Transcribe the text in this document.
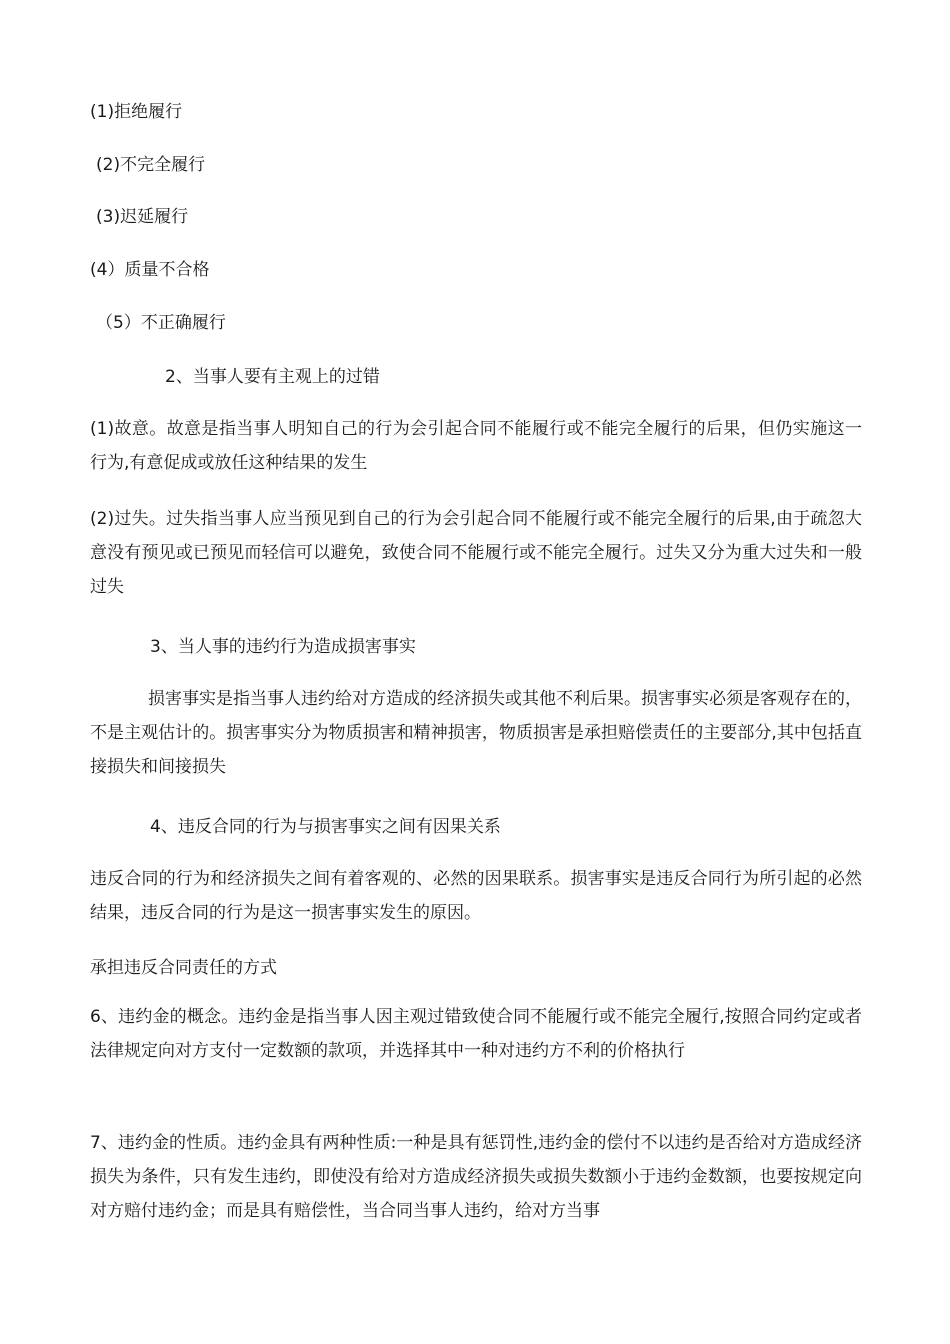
(1)拒绝履行

(2)不完全履行

(3)迟延履行

(4）质量不合格

（5）不正确履行

2、当事人要有主观上的过错

(1)故意。故意是指当事人明知自己的行为会引起合同不能履行或不能完全履行的后果，但仍实施这一行为,有意促成或放任这种结果的发生

(2)过失。过失指当事人应当预见到自己的行为会引起合同不能履行或不能完全履行的后果,由于疏忽大意没有预见或已预见而轻信可以避免，致使合同不能履行或不能完全履行。过失又分为重大过失和一般过失

3、当人事的违约行为造成损害事实

损害事实是指当事人违约给对方造成的经济损失或其他不利后果。损害事实必须是客观存在的，不是主观估计的。损害事实分为物质损害和精神损害，物质损害是承担赔偿责任的主要部分,其中包括直接损失和间接损失

4、违反合同的行为与损害事实之间有因果关系

违反合同的行为和经济损失之间有着客观的、必然的因果联系。损害事实是违反合同行为所引起的必然结果，违反合同的行为是这一损害事实发生的原因。

承担违反合同责任的方式

6、违约金的概念。违约金是指当事人因主观过错致使合同不能履行或不能完全履行,按照合同约定或者法律规定向对方支付一定数额的款项，并选择其中一种对违约方不利的价格执行

7、违约金的性质。违约金具有两种性质:一种是具有惩罚性,违约金的偿付不以违约是否给对方造成经济损失为条件，只有发生违约，即使没有给对方造成经济损失或损失数额小于违约金数额，也要按规定向对方赔付违约金；而是具有赔偿性，当合同当事人违约，给对方当事
